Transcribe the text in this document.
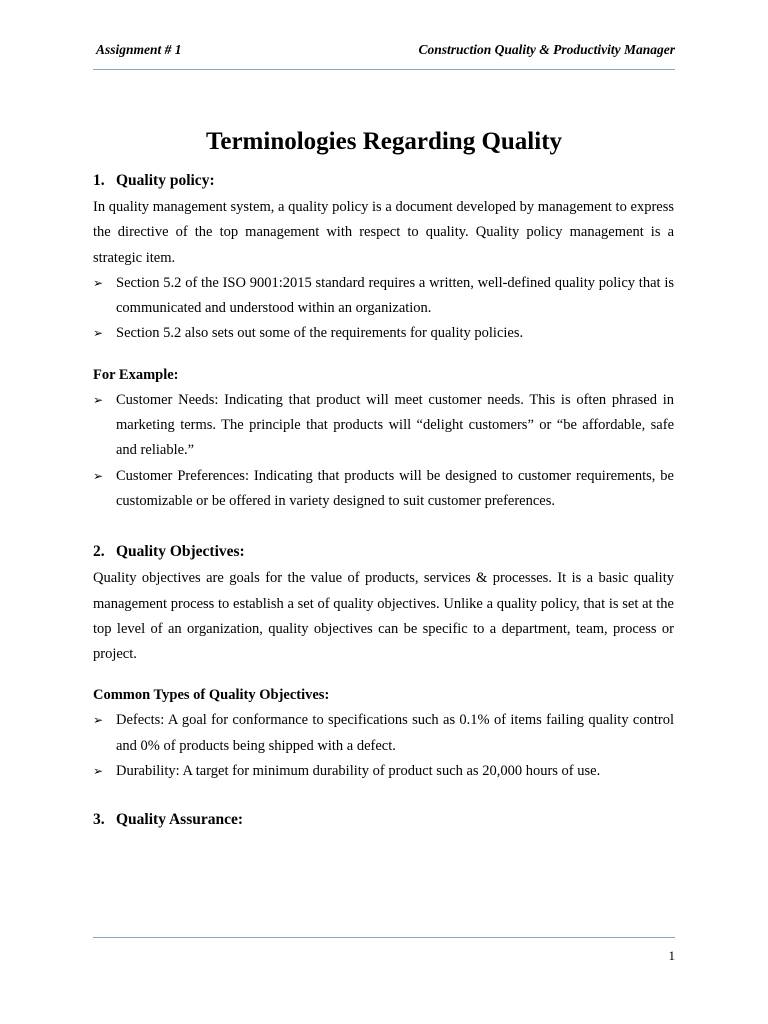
Assignment # 1	Construction Quality & Productivity Manager
Terminologies Regarding Quality
1. Quality policy:
In quality management system, a quality policy is a document developed by management to express the directive of the top management with respect to quality. Quality policy management is a strategic item.
➢ Section 5.2 of the ISO 9001:2015 standard requires a written, well-defined quality policy that is communicated and understood within an organization.
➢ Section 5.2 also sets out some of the requirements for quality policies.
For Example:
➢ Customer Needs: Indicating that product will meet customer needs. This is often phrased in marketing terms. The principle that products will “delight customers” or “be affordable, safe and reliable.”
➢ Customer Preferences: Indicating that products will be designed to customer requirements, be customizable or be offered in variety designed to suit customer preferences.
2. Quality Objectives:
Quality objectives are goals for the value of products, services & processes. It is a basic quality management process to establish a set of quality objectives. Unlike a quality policy, that is set at the top level of an organization, quality objectives can be specific to a department, team, process or project.
Common Types of Quality Objectives:
➢ Defects: A goal for conformance to specifications such as 0.1% of items failing quality control and 0% of products being shipped with a defect.
➢ Durability: A target for minimum durability of product such as 20,000 hours of use.
3. Quality Assurance:
1
